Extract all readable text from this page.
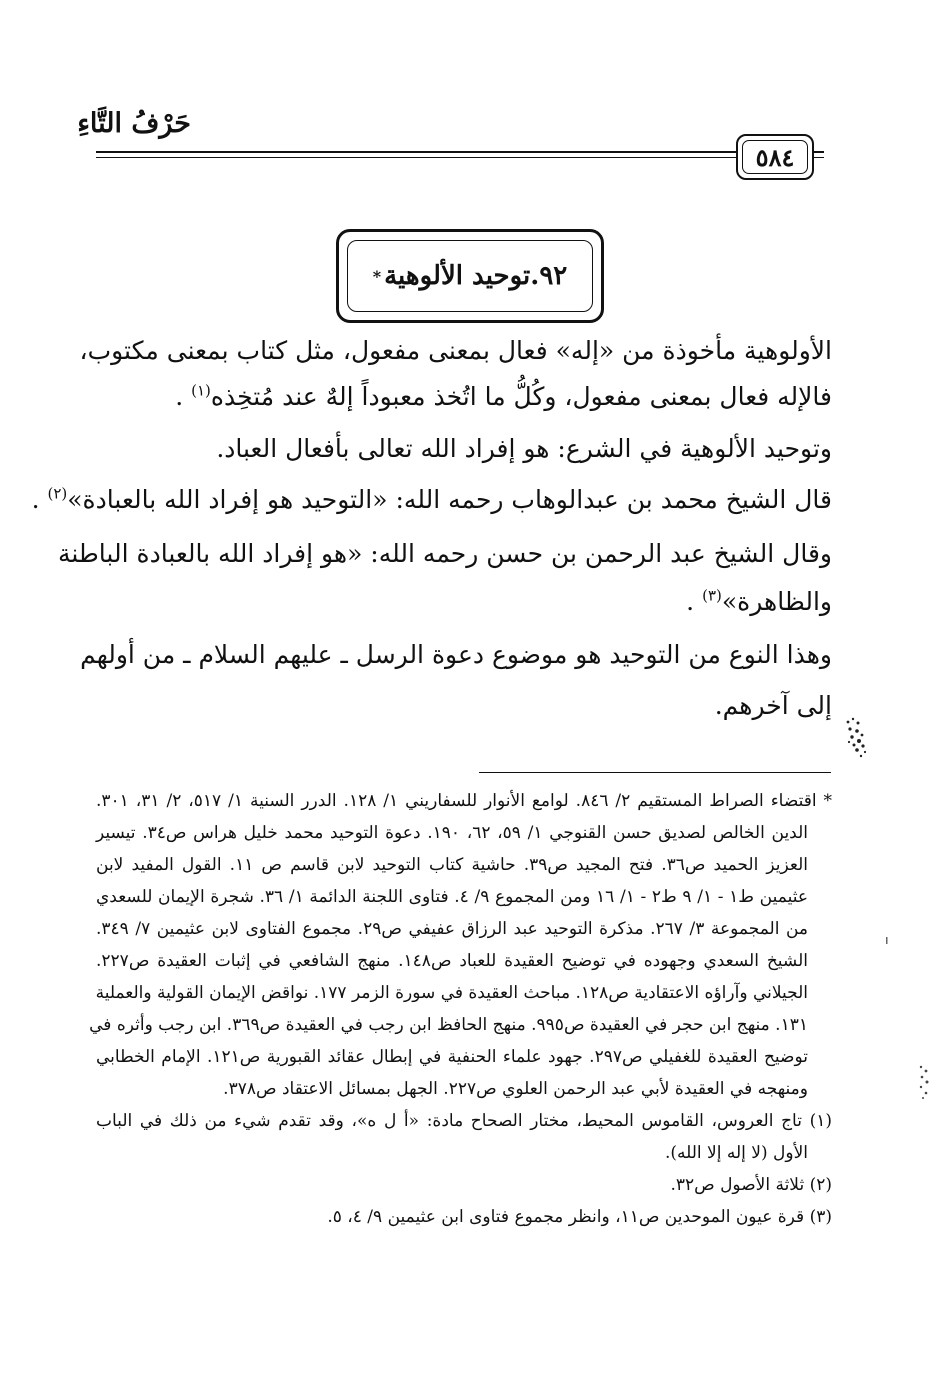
حَرْفُ التَّاءِ
٥٨٤
٩٢.توحيد الألوهية
*
الأولوهية مأخوذة من «إله» فعال بمعنى مفعول، مثل كتاب بمعنى مكتوب،
فالإله فعال بمعنى مفعول، وكُلُّ ما اتُخذ معبوداً إلهٌ عند مُتخِذه$^{(١)}$ .
وتوحيد الألوهية في الشرع: هو إفراد الله تعالى بأفعال العباد.
قال الشيخ محمد بن عبدالوهاب رحمه الله: «التوحيد هو إفراد الله بالعبادة»$^{(٢)}$ .
وقال الشيخ عبد الرحمن بن حسن رحمه الله: «هو إفراد الله بالعبادة الباطنة
والظاهرة»$^{(٣)}$ .
وهذا النوع من التوحيد هو موضوع دعوة الرسل ـ عليهم السلام ـ من أولهم
إلى آخرهم.
* اقتضاء الصراط المستقيم ٢/ ٨٤٦. لوامع الأنوار للسفاريني ١/ ١٢٨. الدرر السنية ١/ ٥١٧، ٢/ ٣١، ٣٠١.
الدين الخالص لصديق حسن القنوجي ١/ ٥٩، ٦٢، ١٩٠. دعوة التوحيد محمد خليل هراس ص٣٤. تيسير
العزيز الحميد ص٣٦. فتح المجيد ص٣٩. حاشية كتاب التوحيد لابن قاسم ص ١١. القول المفيد لابن
عثيمين ط١ - ١/ ٩ ط٢ - ١/ ١٦ ومن المجموع ٩/ ٤. فتاوى اللجنة الدائمة ١/ ٣٦. شجرة الإيمان للسعدي
من المجموعة ٣/ ٢٦٧. مذكرة التوحيد عبد الرزاق عفيفي ص٢٩. مجموع الفتاوى لابن عثيمين ٧/ ٣٤٩.
الشيخ السعدي وجهوده في توضيح العقيدة للعباد ص١٤٨. منهج الشافعي في إثبات العقيدة ص٢٢٧.
الجيلاني وآراؤه الاعتقادية ص١٢٨. مباحث العقيدة في سورة الزمر ١٧٧. نواقض الإيمان القولية والعملية
١٣١. منهج ابن حجر في العقيدة ص٩٩٥. منهج الحافظ ابن رجب في العقيدة ص٣٦٩. ابن رجب وأثره في
توضيح العقيدة للغفيلي ص٢٩٧. جهود علماء الحنفية في إبطال عقائد القبورية ص١٢١. الإمام الخطابي
ومنهجه في العقيدة لأبي عبد الرحمن العلوي ص٢٢٧. الجهل بمسائل الاعتقاد ص٣٧٨.
(١) تاج العروس، القاموس المحيط، مختار الصحاح مادة: «أ ل ه»، وقد تقدم شيء من ذلك في الباب
الأول (لا إله إلا الله).
(٢) ثلاثة الأصول ص٣٢.
(٣) قرة عيون الموحدين ص١١، وانظر مجموع فتاوى ابن عثيمين ٩/ ٤، ٥.
